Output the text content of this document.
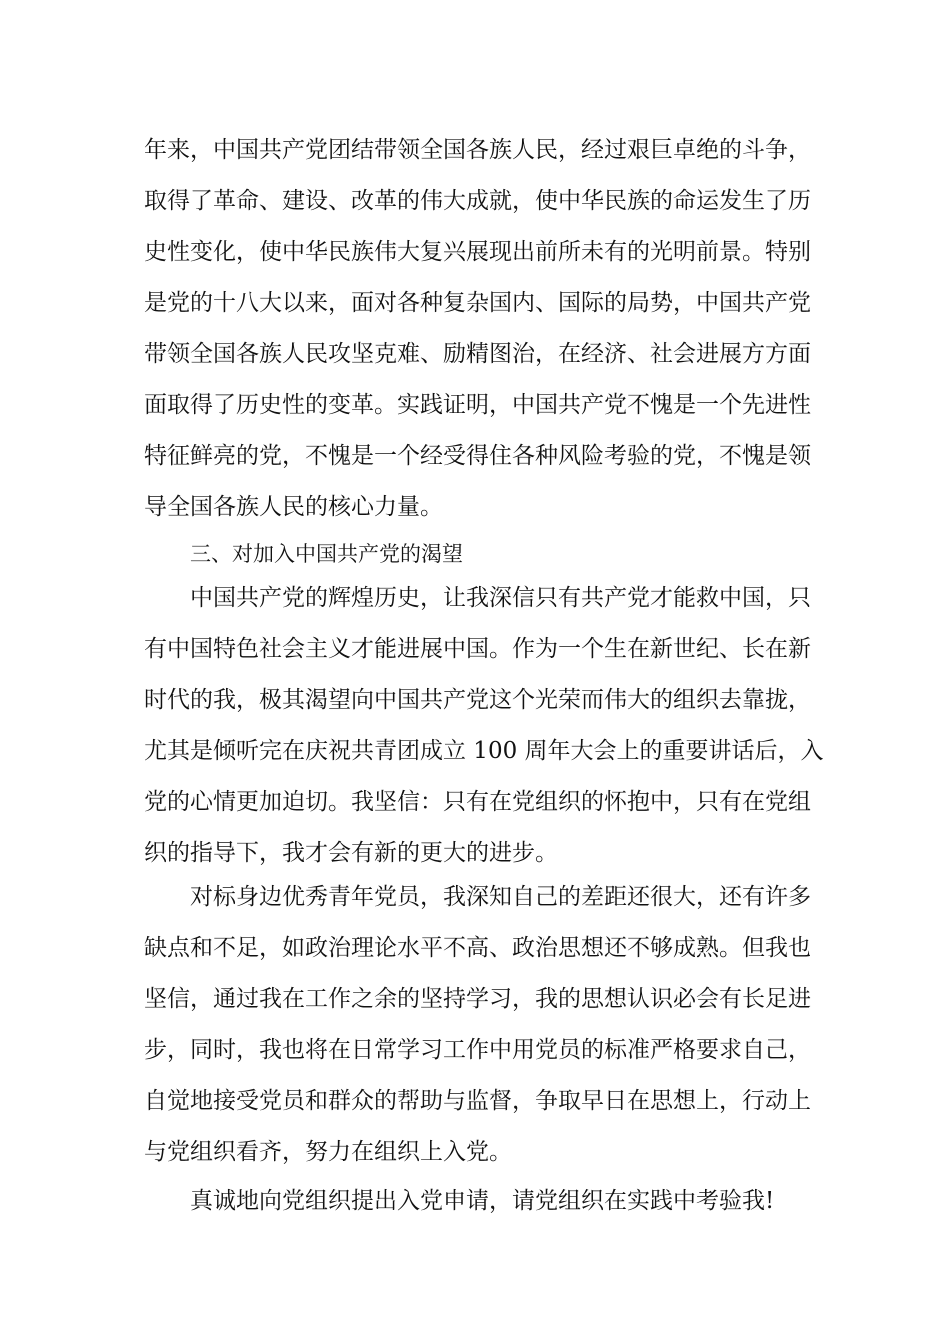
年来，中国共产党团结带领全国各族人民，经过艰巨卓绝的斗争，
取得了革命、建设、改革的伟大成就，使中华民族的命运发生了历
史性变化，使中华民族伟大复兴展现出前所未有的光明前景。特别
是党的十八大以来，面对各种复杂国内、国际的局势，中国共产党
带领全国各族人民攻坚克难、励精图治，在经济、社会进展方方面
面取得了历史性的变革。实践证明，中国共产党不愧是一个先进性
特征鲜亮的党，不愧是一个经受得住各种风险考验的党，不愧是领
导全国各族人民的核心力量。
三、对加入中国共产党的渴望
中国共产党的辉煌历史，让我深信只有共产党才能救中国，只
有中国特色社会主义才能进展中国。作为一个生在新世纪、长在新
时代的我，极其渴望向中国共产党这个光荣而伟大的组织去靠拢，
尤其是倾听完在庆祝共青团成立 100 周年大会上的重要讲话后，入
党的心情更加迫切。我坚信：只有在党组织的怀抱中，只有在党组
织的指导下，我才会有新的更大的进步。
对标身边优秀青年党员，我深知自己的差距还很大，还有许多
缺点和不足，如政治理论水平不高、政治思想还不够成熟。但我也
坚信，通过我在工作之余的坚持学习，我的思想认识必会有长足进
步，同时，我也将在日常学习工作中用党员的标准严格要求自己，
自觉地接受党员和群众的帮助与监督，争取早日在思想上，行动上
与党组织看齐，努力在组织上入党。
真诚地向党组织提出入党申请，请党组织在实践中考验我!
